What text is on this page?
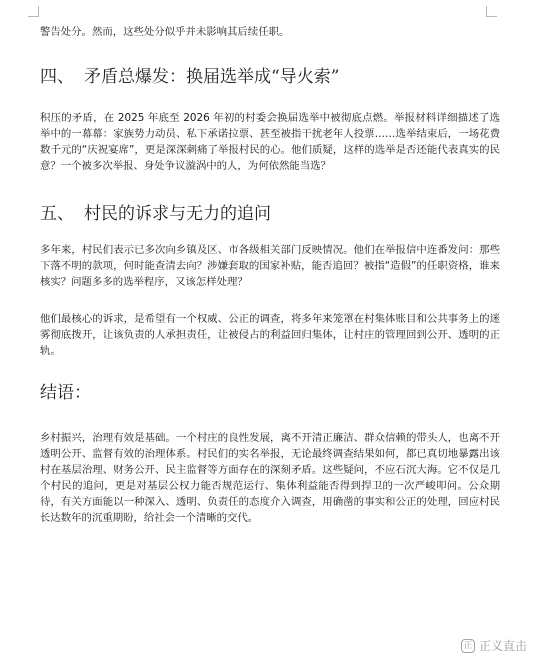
警告处分。然而，这些处分似乎并未影响其后续任职。
四、 矛盾总爆发：换届选举成“导火索”
积压的矛盾，在 2025 年底至 2026 年初的村委会换届选举中被彻底点燃。举报材料详细描述了选举中的一幕幕：家族势力动员、私下承诺拉票、甚至被指干扰老年人投票……选举结束后，一场花费数千元的“庆祝宴席”，更是深深刺痛了举报村民的心。他们质疑，这样的选举是否还能代表真实的民意？一个被多次举报、身处争议漩涡中的人，为何依然能当选？
五、 村民的诉求与无力的追问
多年来，村民们表示已多次向乡镇及区、市各级相关部门反映情况。他们在举报信中连番发问：那些下落不明的款项，何时能查清去向？涉嫌套取的国家补贴，能否追回？被指“造假”的任职资格，谁来核实？问题多多的选举程序，又该怎样处理？
他们最核心的诉求，是希望有一个权威、公正的调查，将多年来笼罩在村集体账目和公共事务上的迷雾彻底拨开，让该负责的人承担责任，让被侵占的利益回归集体，让村庄的管理回到公开、透明的正轨。
结语：
乡村振兴，治理有效是基础。一个村庄的良性发展，离不开清正廉洁、群众信赖的带头人，也离不开透明公开、监督有效的治理体系。村民们的实名举报，无论最终调查结果如何，都已真切地暴露出该村在基层治理、财务公开、民主监督等方面存在的深刻矛盾。这些疑问，不应石沉大海。它不仅是几个村民的追问，更是对基层公权力能否规范运行、集体利益能否得到捍卫的一次严峻叩问。公众期待，有关方面能以一种深入、透明、负责任的态度介入调查，用确凿的事实和公正的处理，回应村民长达数年的沉重期盼，给社会一个清晰的交代。
正 正义直击
